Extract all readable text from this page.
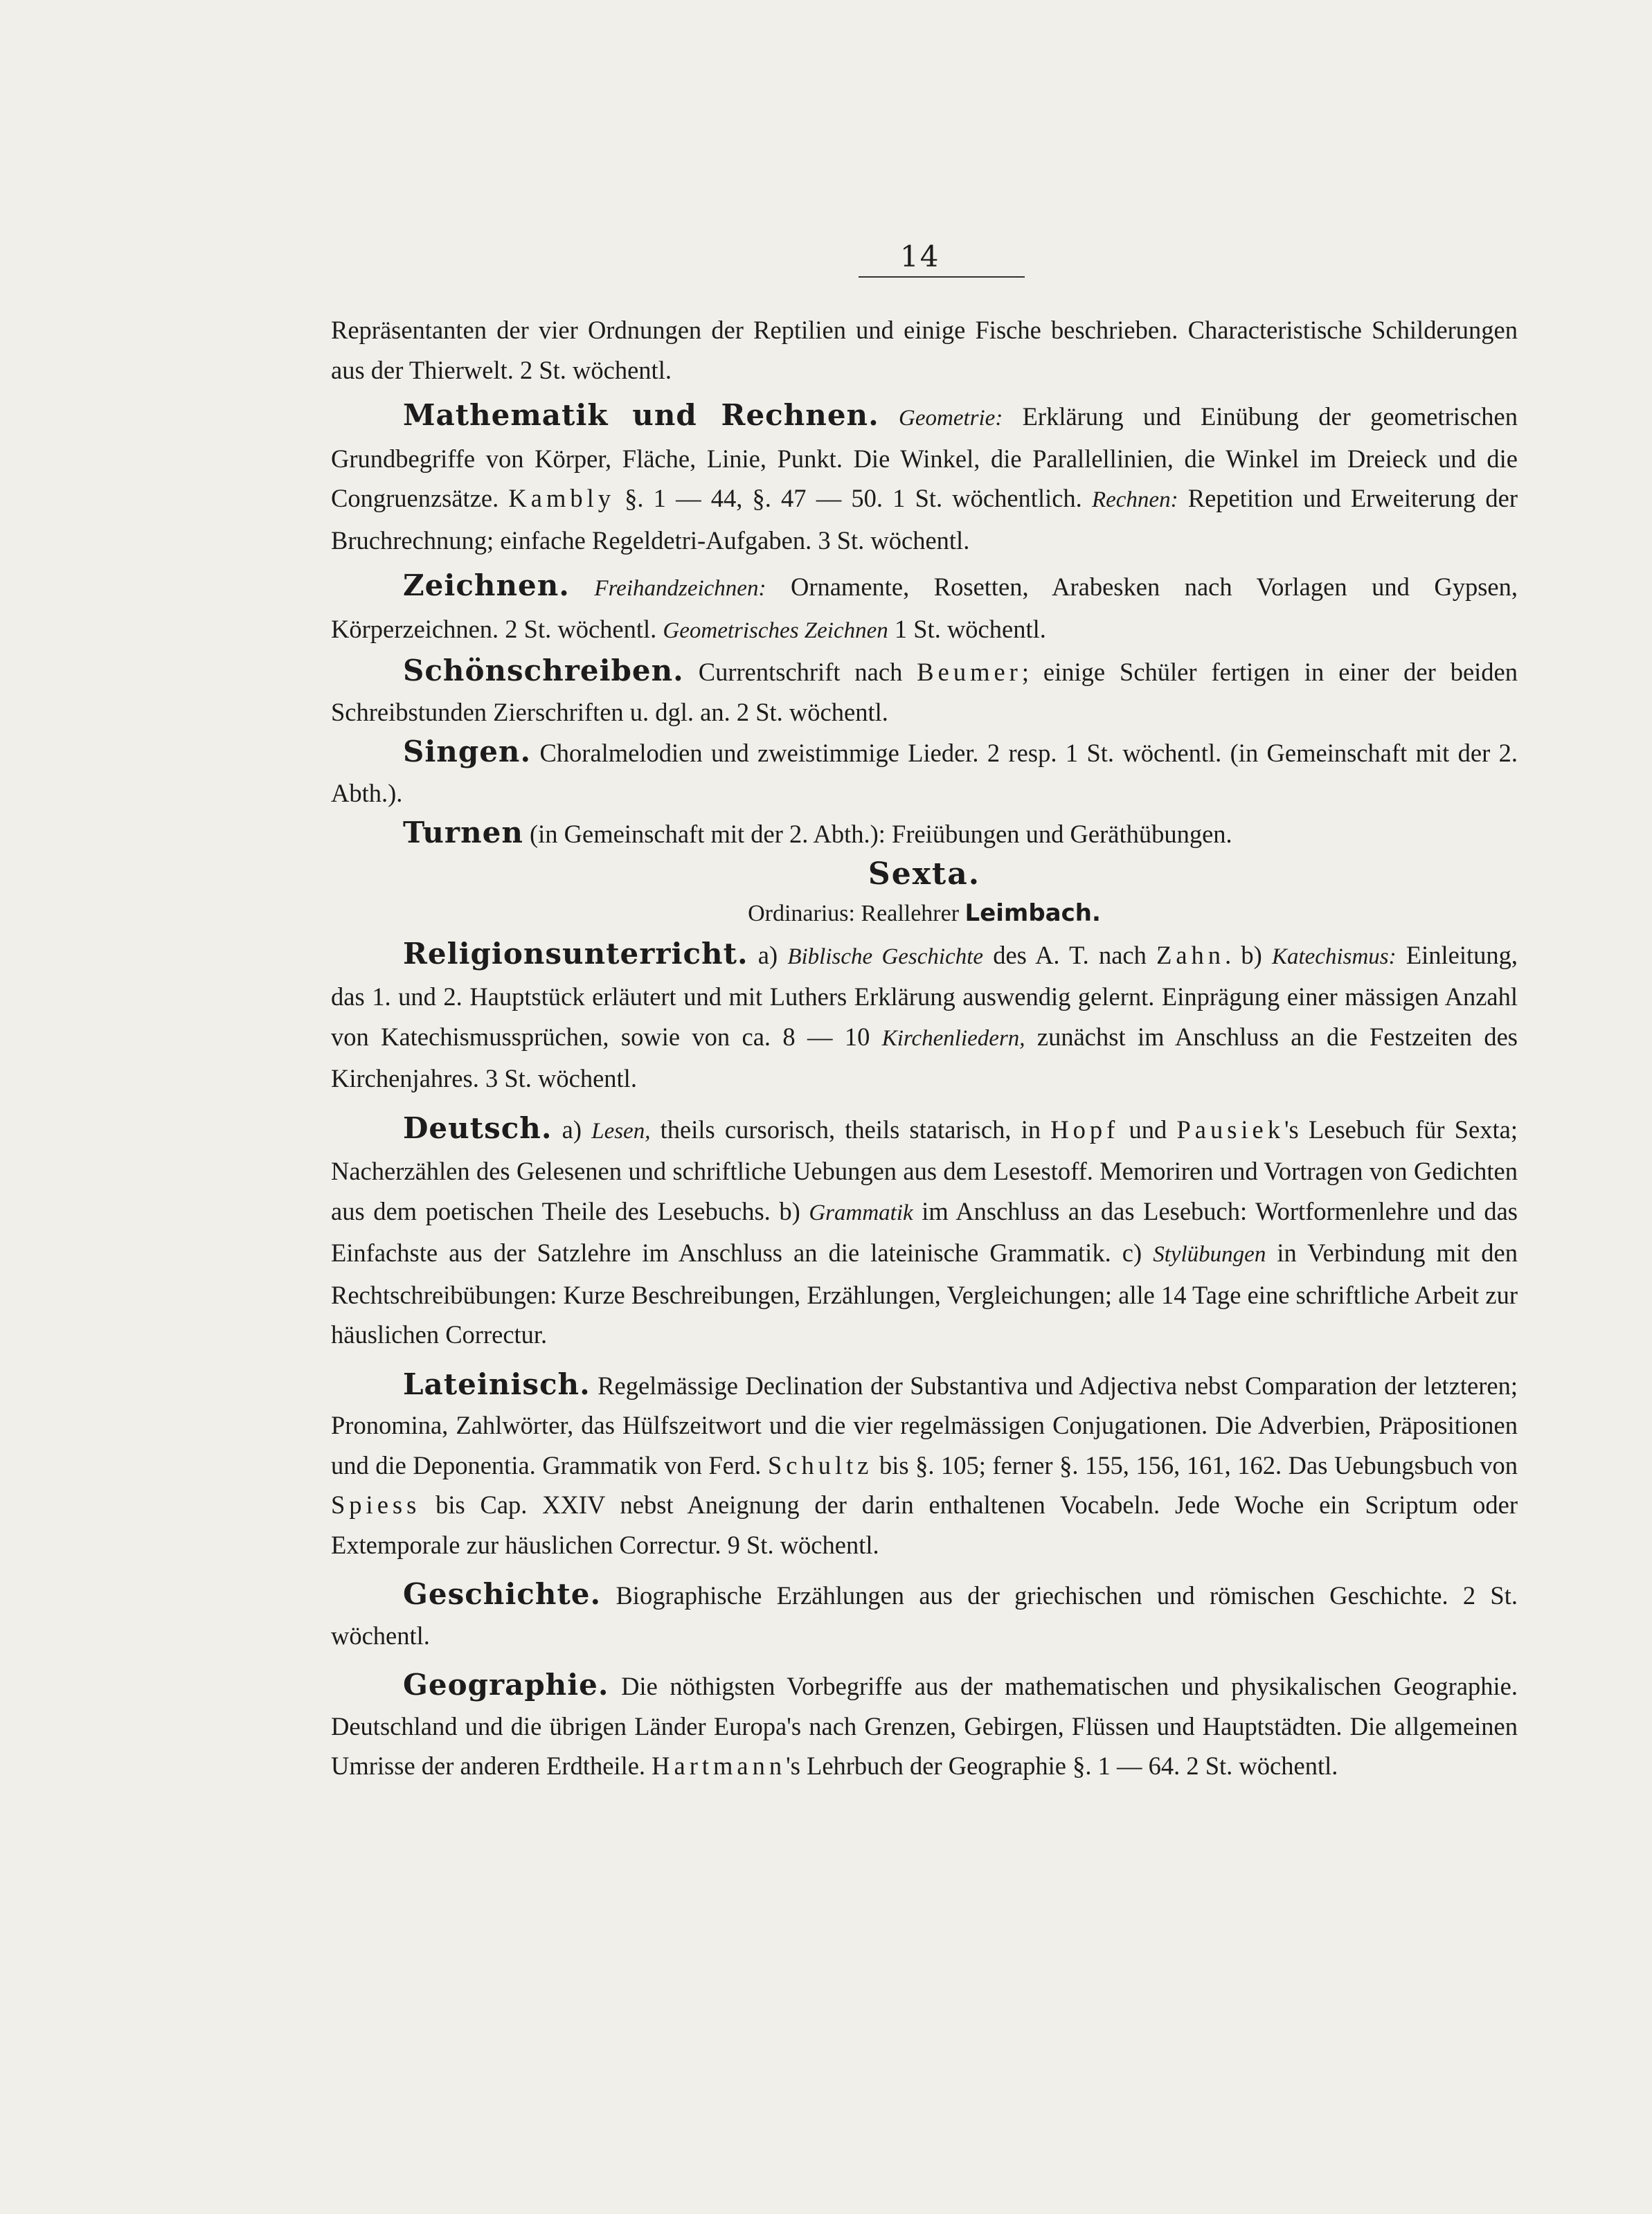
14

Repräsentanten der vier Ordnungen der Reptilien und einige Fische beschrieben. Characteristische Schilderungen aus der Thierwelt. 2 St. wöchentl.

Mathematik und Rechnen. Geometrie: Erklärung und Einübung der geometrischen Grundbegriffe von Körper, Fläche, Linie, Punkt. Die Winkel, die Parallellinien, die Winkel im Dreieck und die Congruenzsätze. Kambly §. 1 — 44, §. 47 — 50. 1 St. wöchentlich. Rechnen: Repetition und Erweiterung der Bruchrechnung; einfache Regeldetri-Aufgaben. 3 St. wöchentl.

Zeichnen. Freihandzeichnen: Ornamente, Rosetten, Arabesken nach Vorlagen und Gypsen, Körperzeichnen. 2 St. wöchentl. Geometrisches Zeichnen 1 St. wöchentl.

Schönschreiben. Currentschrift nach Beumer; einige Schüler fertigen in einer der beiden Schreibstunden Zierschriften u. dgl. an. 2 St. wöchentl.

Singen. Choralmelodien und zweistimmige Lieder. 2 resp. 1 St. wöchentl. (in Gemeinschaft mit der 2. Abth.).

Turnen (in Gemeinschaft mit der 2. Abth.): Freiübungen und Geräthübungen.

Sexta.

Ordinarius: Reallehrer Leimbach.

Religionsunterricht. a) Biblische Geschichte des A. T. nach Zahn. b) Katechismus: Einleitung, das 1. und 2. Hauptstück erläutert und mit Luthers Erklärung auswendig gelernt. Einprägung einer mässigen Anzahl von Katechismussprüchen, sowie von ca. 8 — 10 Kirchenliedern, zunächst im Anschluss an die Festzeiten des Kirchenjahres. 3 St. wöchentl.

Deutsch. a) Lesen, theils cursorisch, theils statarisch, in Hopf und Pausiek's Lesebuch für Sexta; Nacherzählen des Gelesenen und schriftliche Uebungen aus dem Lesestoff. Memoriren und Vortragen von Gedichten aus dem poetischen Theile des Lesebuchs. b) Grammatik im Anschluss an das Lesebuch: Wortformenlehre und das Einfachste aus der Satzlehre im Anschluss an die lateinische Grammatik. c) Stylübungen in Verbindung mit den Rechtschreibübungen: Kurze Beschreibungen, Erzählungen, Vergleichungen; alle 14 Tage eine schriftliche Arbeit zur häuslichen Correctur.

Lateinisch. Regelmässige Declination der Substantiva und Adjectiva nebst Comparation der letzteren; Pronomina, Zahlwörter, das Hülfszeitwort und die vier regelmässigen Conjugationen. Die Adverbien, Präpositionen und die Deponentia. Grammatik von Ferd. Schultz bis §. 105; ferner §. 155, 156, 161, 162. Das Uebungsbuch von Spiess bis Cap. XXIV nebst Aneignung der darin enthaltenen Vocabeln. Jede Woche ein Scriptum oder Extemporale zur häuslichen Correctur. 9 St. wöchentl.

Geschichte. Biographische Erzählungen aus der griechischen und römischen Geschichte. 2 St. wöchentl.

Geographie. Die nöthigsten Vorbegriffe aus der mathematischen und physikalischen Geographie. Deutschland und die übrigen Länder Europa's nach Grenzen, Gebirgen, Flüssen und Hauptstädten. Die allgemeinen Umrisse der anderen Erdtheile. Hartmann's Lehrbuch der Geographie §. 1 — 64. 2 St. wöchentl.
